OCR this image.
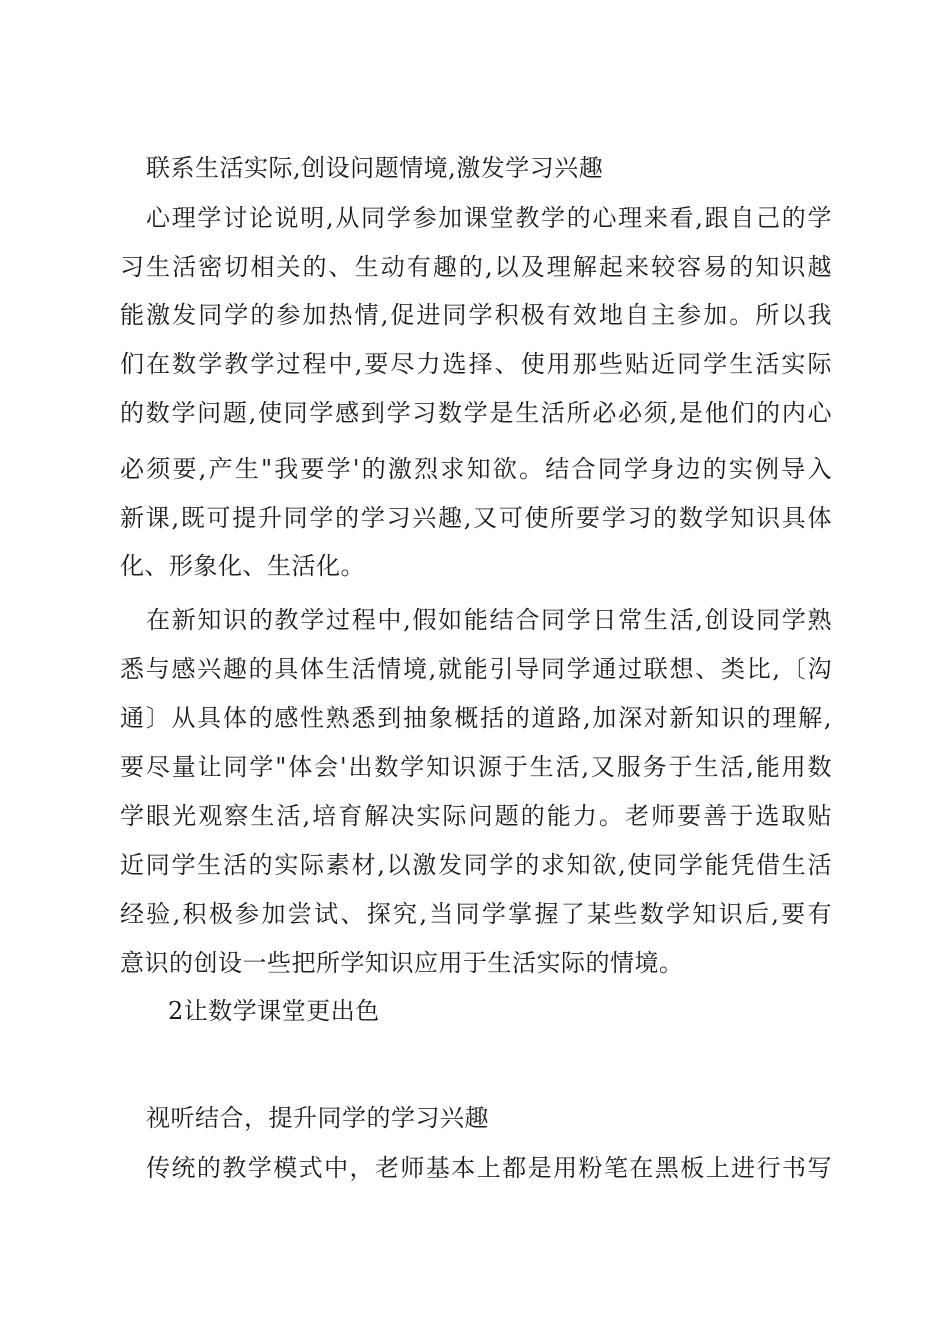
联系生活实际,创设问题情境,激发学习兴趣

心理学讨论说明,从同学参加课堂教学的心理来看,跟自己的学

习生活密切相关的、生动有趣的,以及理解起来较容易的知识越

能激发同学的参加热情,促进同学积极有效地自主参加。所以我

们在数学教学过程中,要尽力选择、使用那些贴近同学生活实际

的数学问题,使同学感到学习数学是生活所必必须,是他们的内心

必须要,产生"我要学'的激烈求知欲。结合同学身边的实例导入

新课,既可提升同学的学习兴趣,又可使所要学习的数学知识具体

化、形象化、生活化。

在新知识的教学过程中,假如能结合同学日常生活,创设同学熟

悉与感兴趣的具体生活情境,就能引导同学通过联想、类比,〔沟

通〕从具体的感性熟悉到抽象概括的道路,加深对新知识的理解,

要尽量让同学"体会'出数学知识源于生活,又服务于生活,能用数

学眼光观察生活,培育解决实际问题的能力。老师要善于选取贴

近同学生活的实际素材,以激发同学的求知欲,使同学能凭借生活

经验,积极参加尝试、探究,当同学掌握了某些数学知识后,要有

意识的创设一些把所学知识应用于生活实际的情境。

2让数学课堂更出色

视听结合，提升同学的学习兴趣

传统的教学模式中，老师基本上都是用粉笔在黑板上进行书写
